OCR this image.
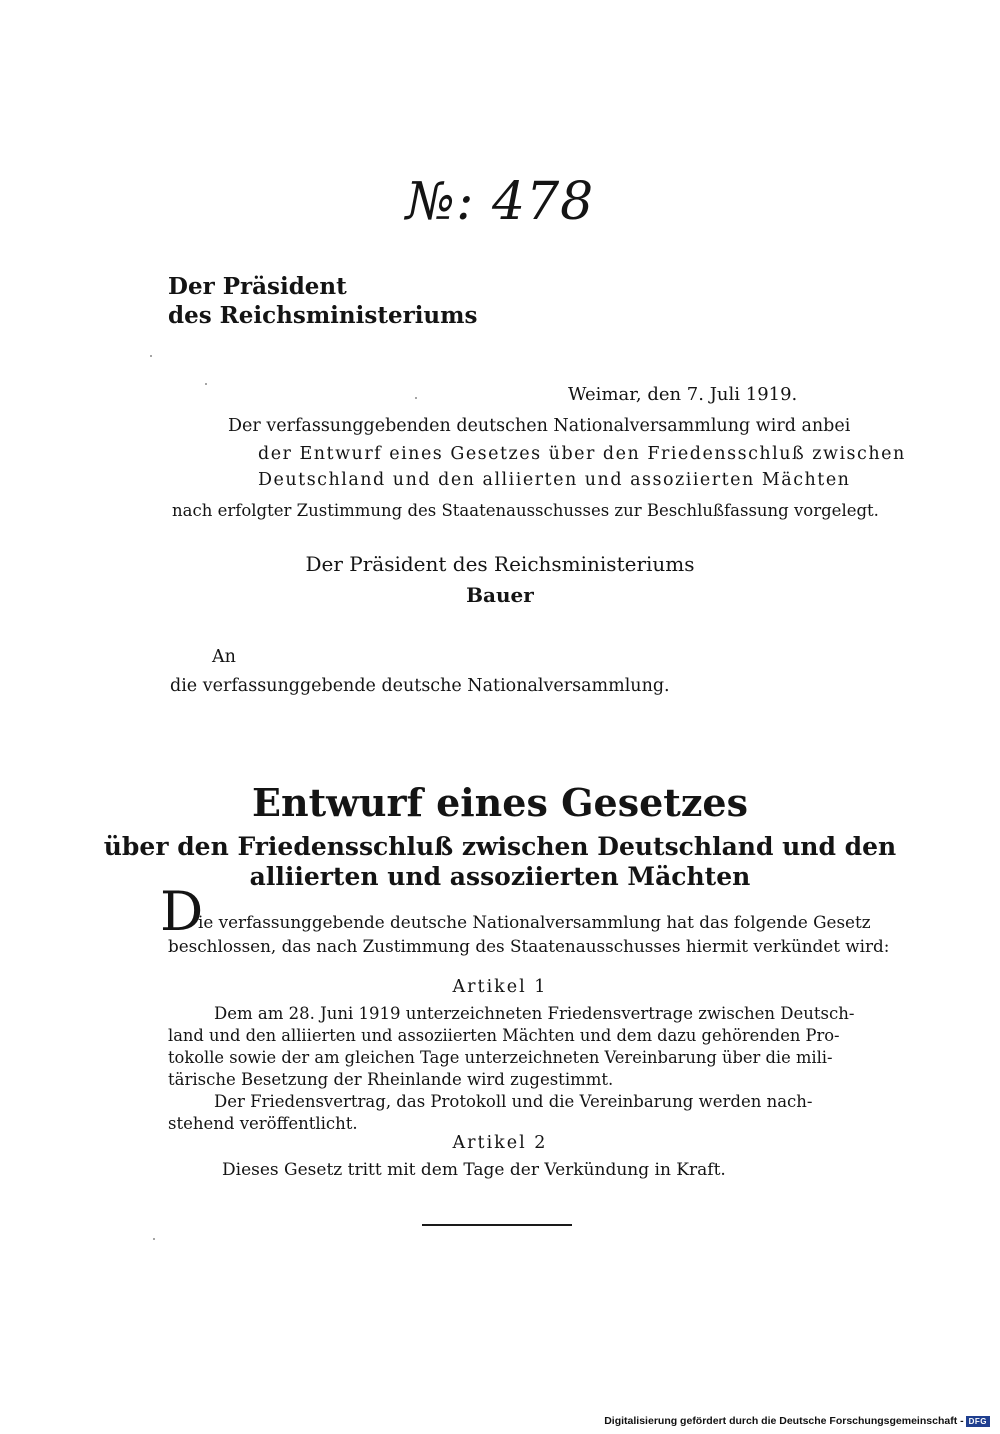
№: 478
Der Präsident
des Reichsministeriums
Weimar, den 7. Juli 1919.
Der verfassunggebenden deutschen Nationalversammlung wird anbei
der Entwurf eines Gesetzes über den Friedensschluß zwischen
Deutschland und den alliierten und assoziierten Mächten
nach erfolgter Zustimmung des Staatenausschusses zur Beschlußfassung vorgelegt.
Der Präsident des Reichsministeriums
Bauer
An
die verfassunggebende deutsche Nationalversammlung.
Entwurf eines Gesetzes
über den Friedensschluß zwischen Deutschland und den
alliierten und assoziierten Mächten
D
ie verfassunggebende deutsche Nationalversammlung hat das folgende Gesetz
beschlossen, das nach Zustimmung des Staatenausschusses hiermit verkündet wird:
Artikel 1
Dem am 28. Juni 1919 unterzeichneten Friedensvertrage zwischen Deutsch-
land und den alliierten und assoziierten Mächten und dem dazu gehörenden Pro-
tokolle sowie der am gleichen Tage unterzeichneten Vereinbarung über die mili-
tärische Besetzung der Rheinlande wird zugestimmt.
Der Friedensvertrag, das Protokoll und die Vereinbarung werden nach-
stehend veröffentlicht.
Artikel 2
Dieses Gesetz tritt mit dem Tage der Verkündung in Kraft.
Digitalisierung gefördert durch die Deutsche Forschungsgemeinschaft - DFG
